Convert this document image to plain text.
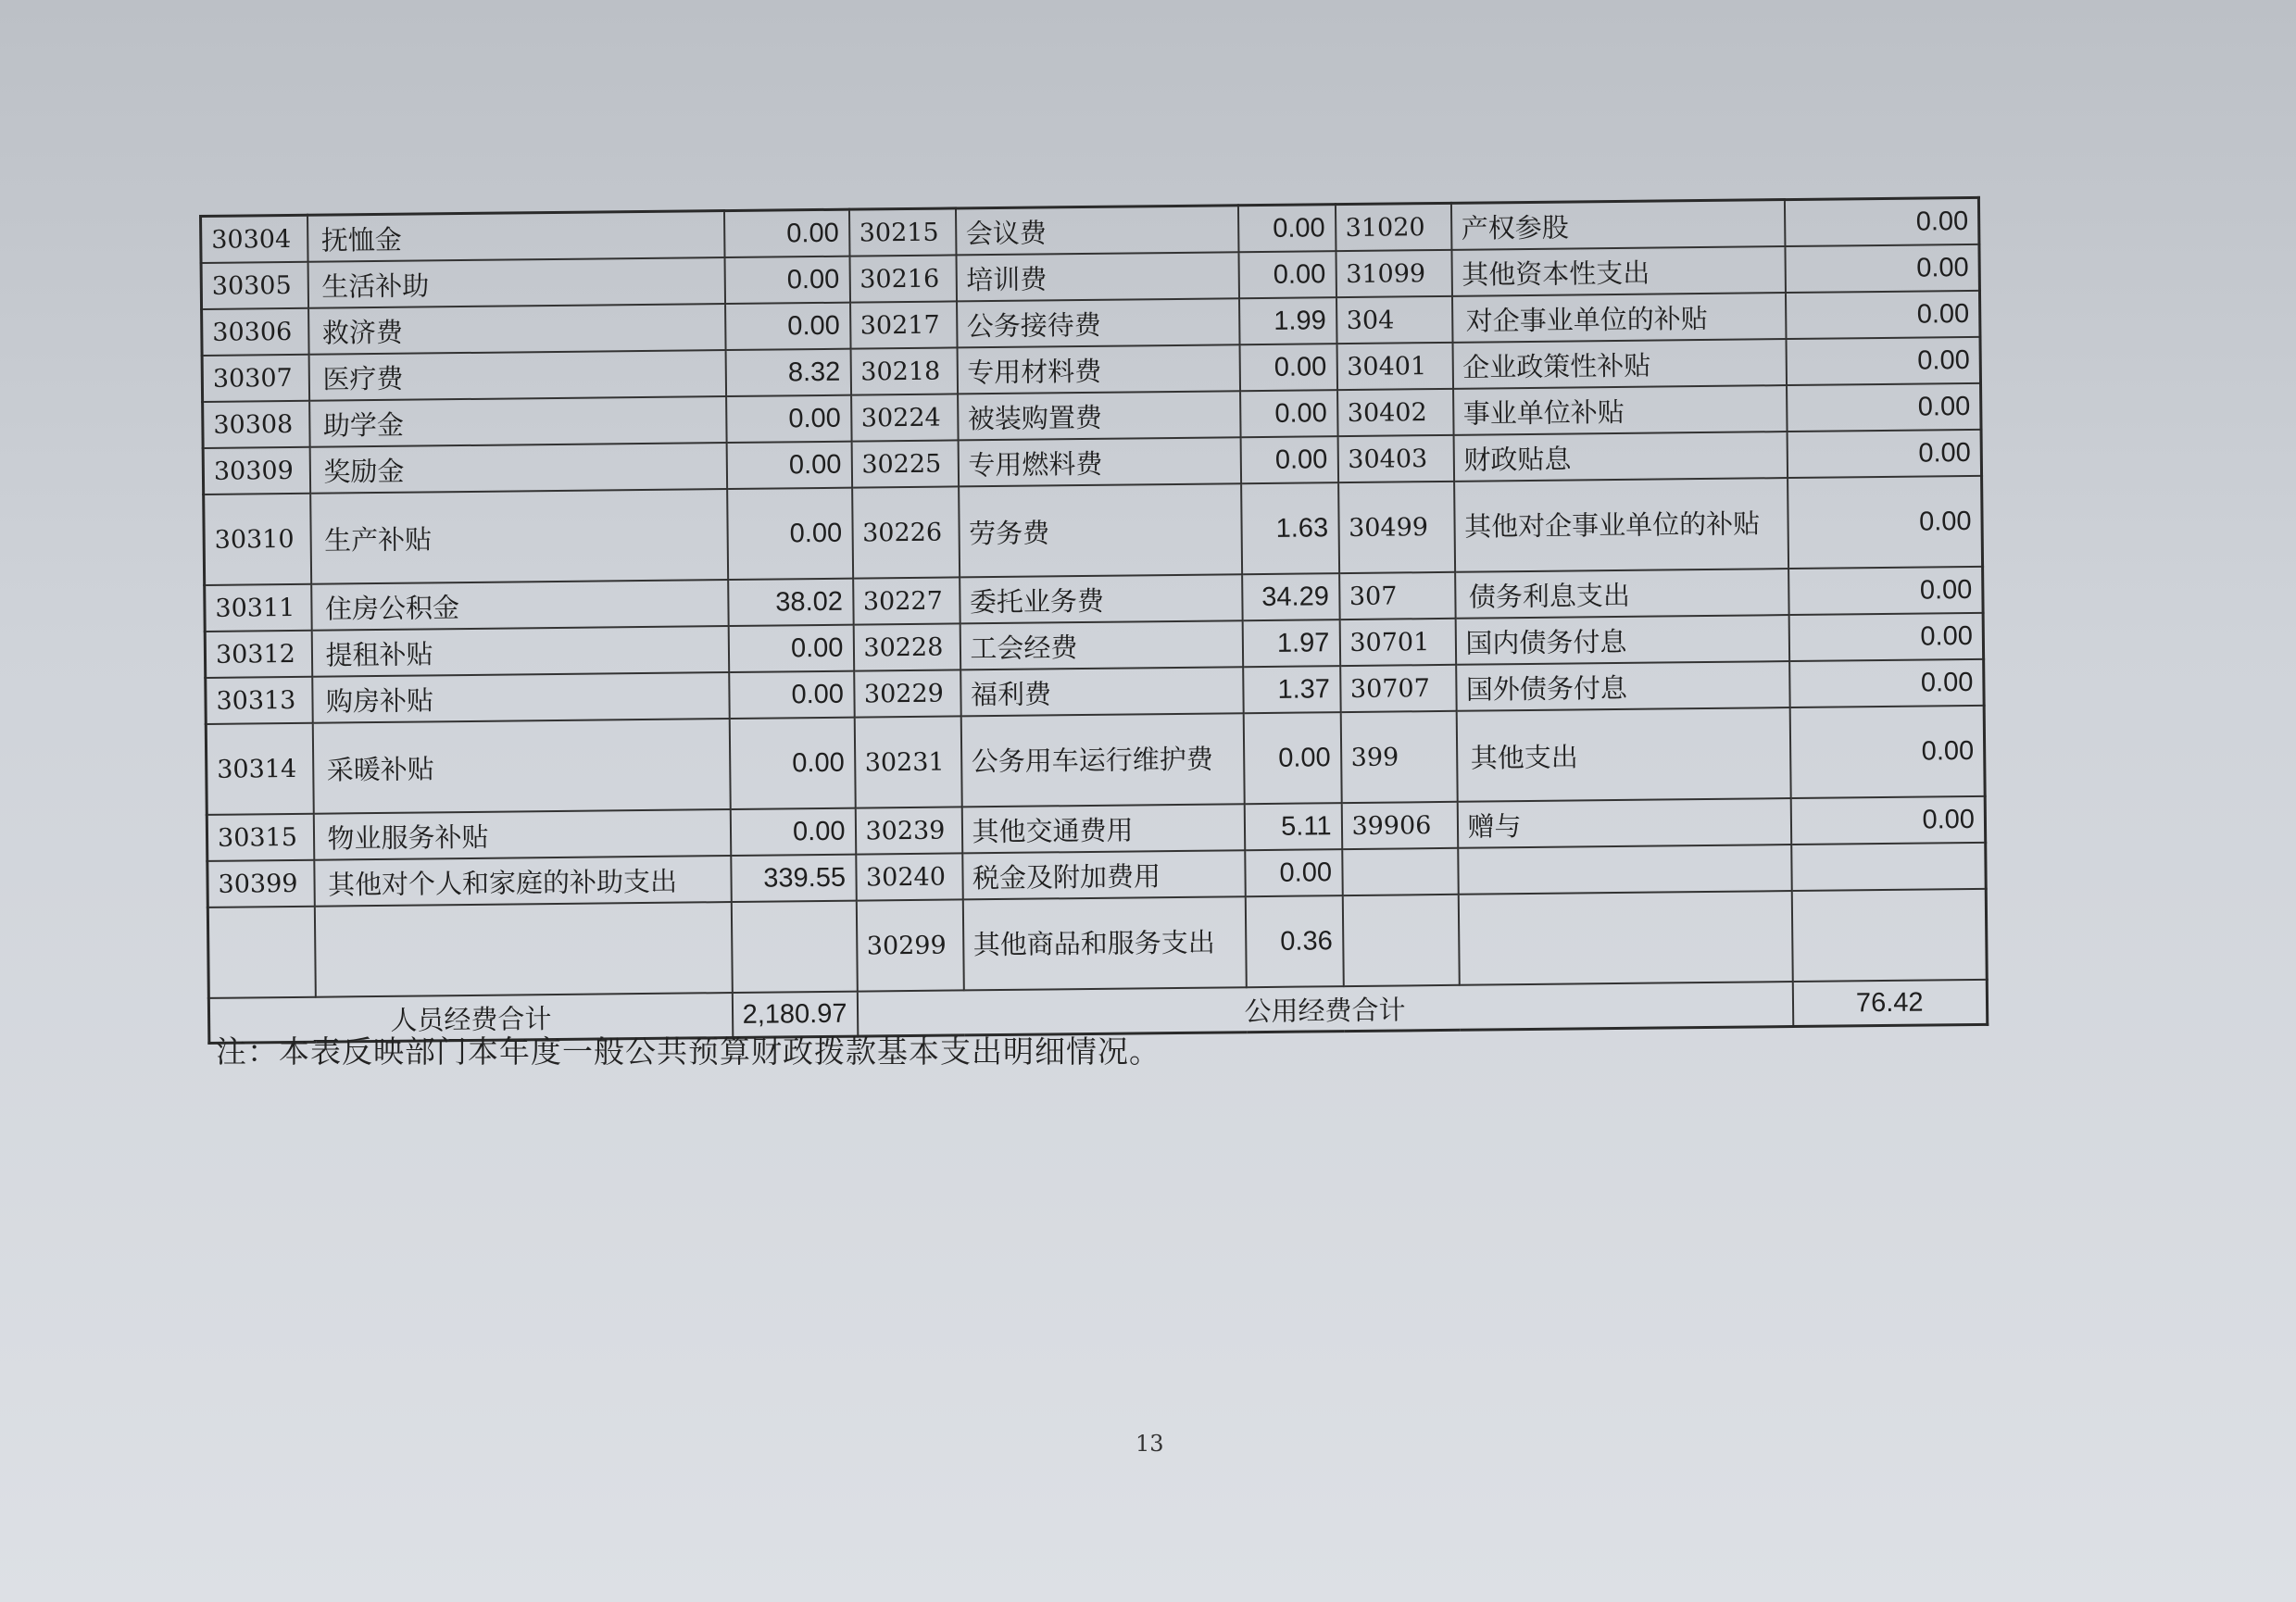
30304	抚恤金	0.00	30215	会议费	0.00	31020	产权参股	0.00
30305	生活补助	0.00	30216	培训费	0.00	31099	其他资本性支出	0.00
30306	救济费	0.00	30217	公务接待费	1.99	304	对企事业单位的补贴	0.00
30307	医疗费	8.32	30218	专用材料费	0.00	30401	企业政策性补贴	0.00
30308	助学金	0.00	30224	被装购置费	0.00	30402	事业单位补贴	0.00
30309	奖励金	0.00	30225	专用燃料费	0.00	30403	财政贴息	0.00
30310	生产补贴	0.00	30226	劳务费	1.63	30499	其他对企事业单位的补贴	0.00
30311	住房公积金	38.02	30227	委托业务费	34.29	307	债务利息支出	0.00
30312	提租补贴	0.00	30228	工会经费	1.97	30701	国内债务付息	0.00
30313	购房补贴	0.00	30229	福利费	1.37	30707	国外债务付息	0.00
30314	采暖补贴	0.00	30231	公务用车运行维护费	0.00	399	其他支出	0.00
30315	物业服务补贴	0.00	30239	其他交通费用	5.11	39906	赠与	0.00
30399	其他对个人和家庭的补助支出	339.55	30240	税金及附加费用	0.00			
			30299	其他商品和服务支出	0.36			
人员经费合计		2,180.97	公用经费合计					76.42
注：本表反映部门本年度一般公共预算财政拨款基本支出明细情况。
13
